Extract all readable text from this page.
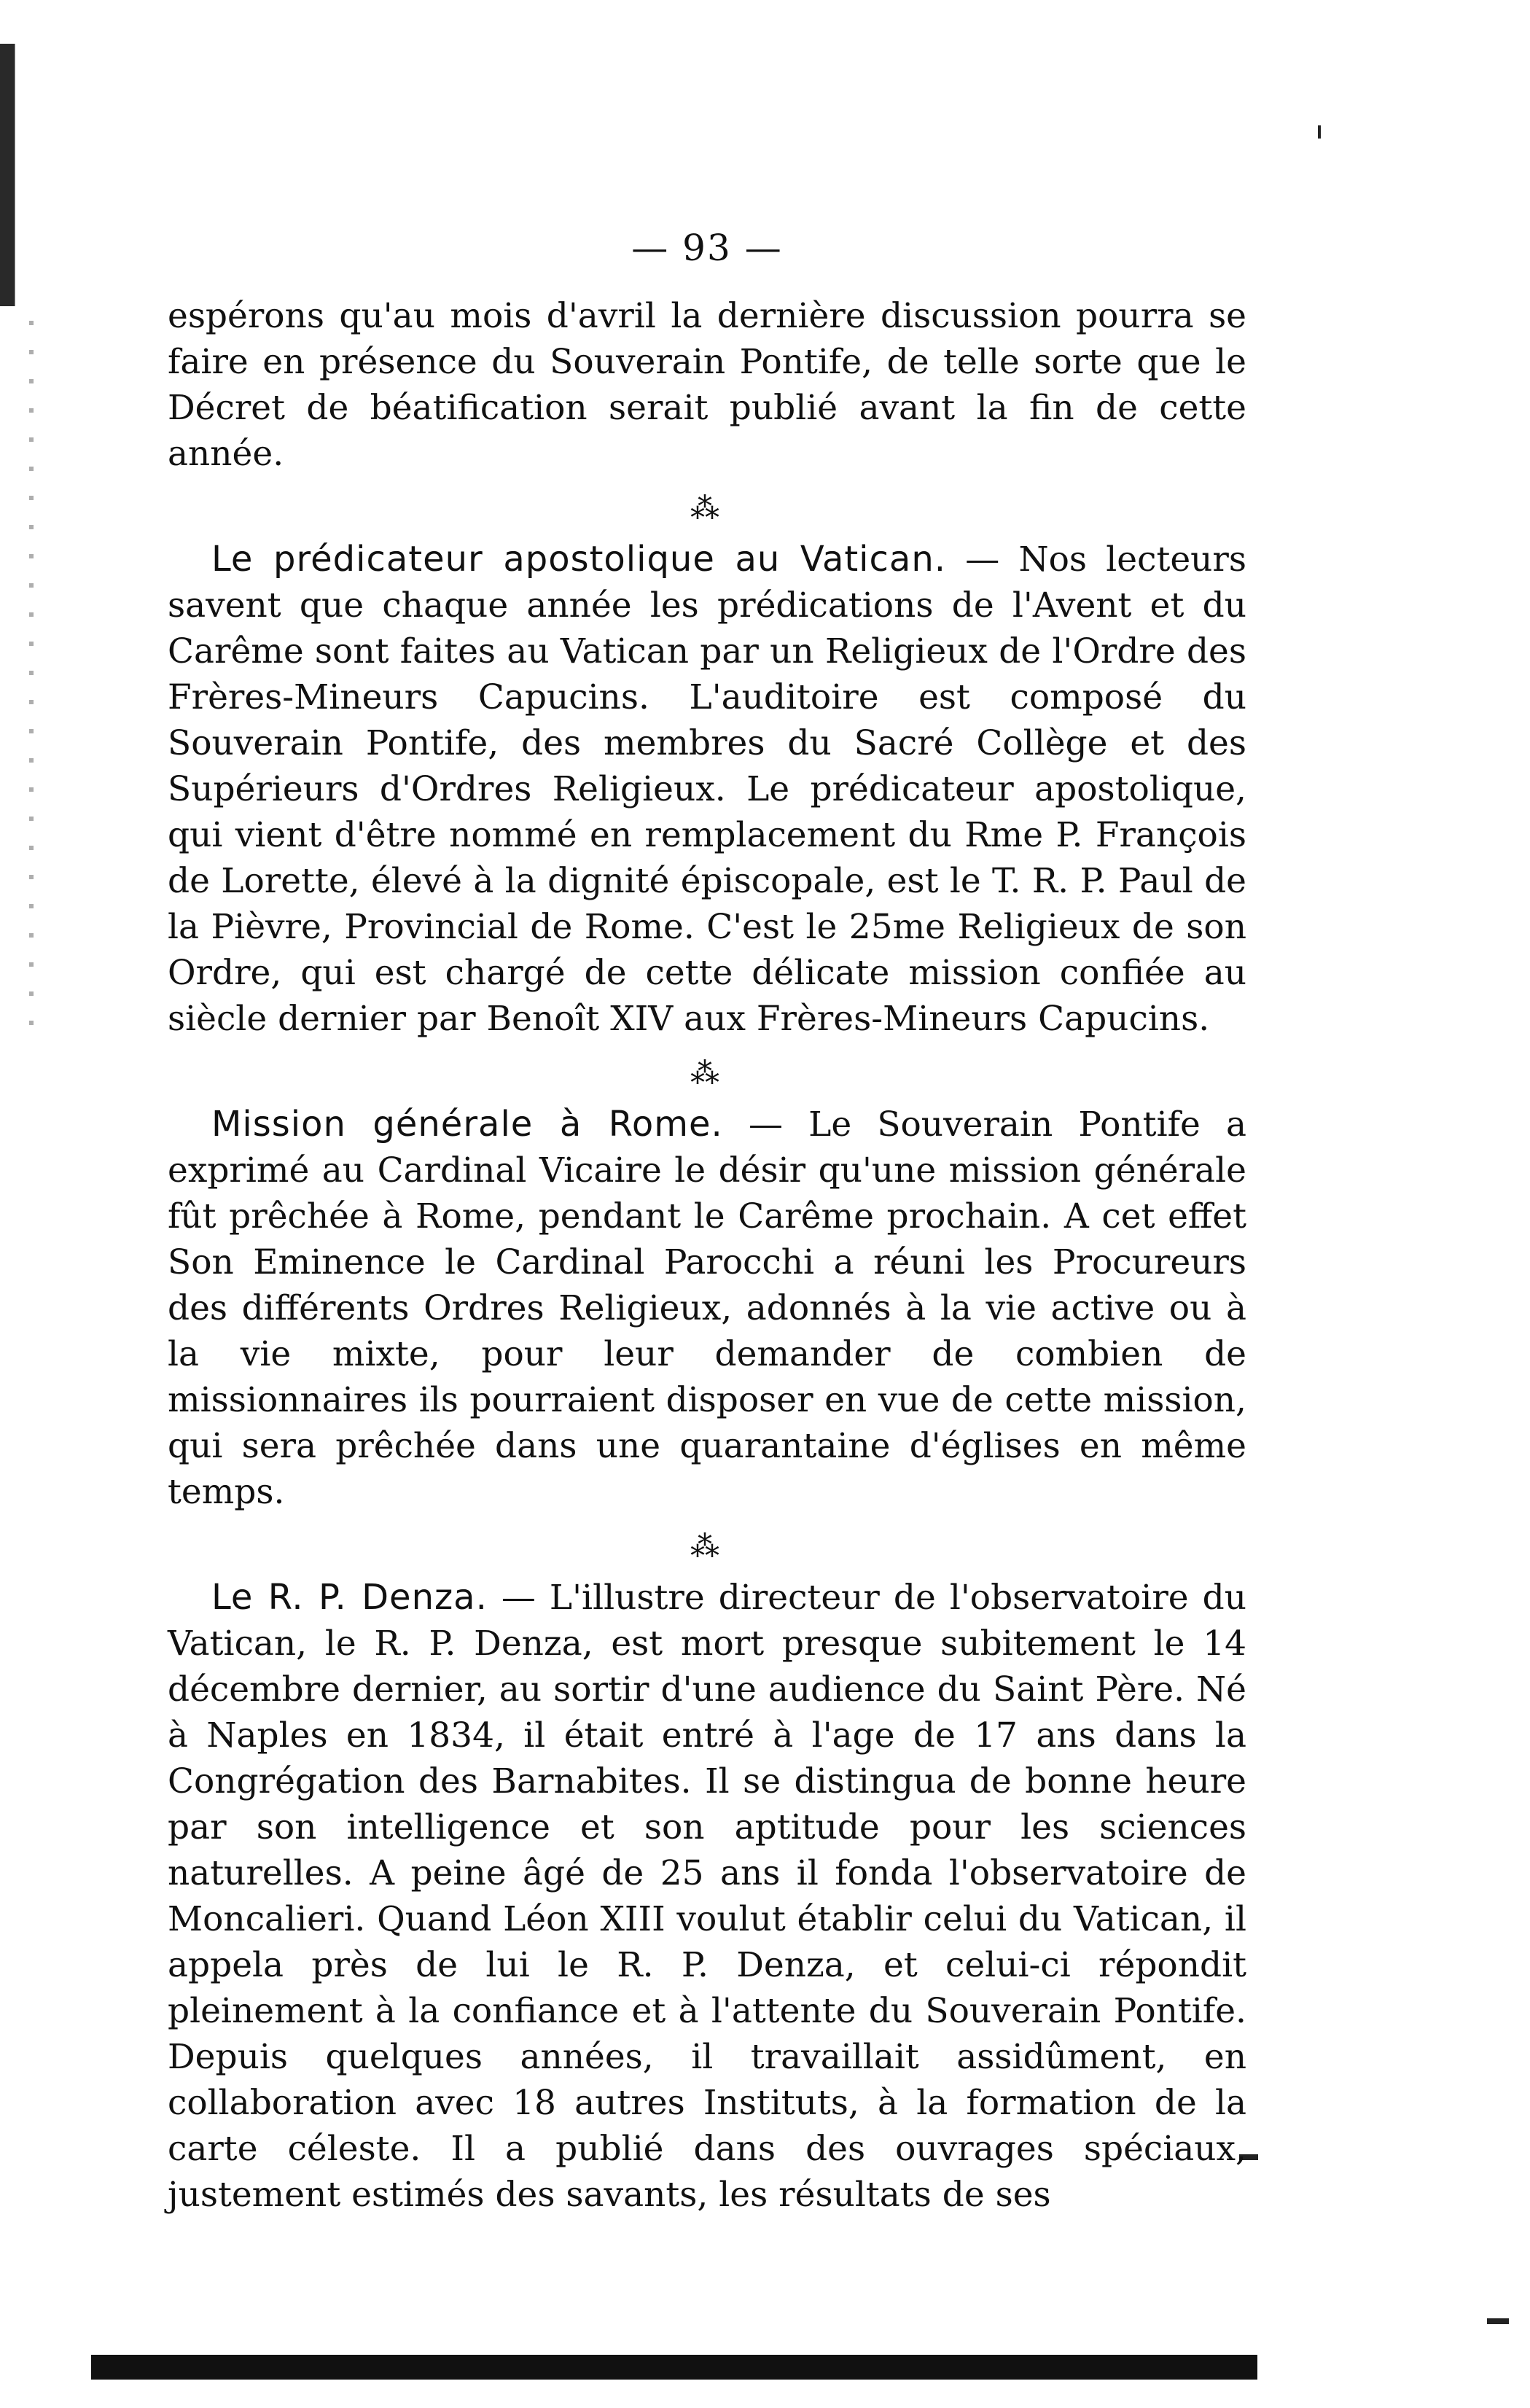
— 93 —

espérons qu'au mois d'avril la dernière discussion pourra se faire en présence du Souverain Pontife, de telle sorte que le Décret de béatification serait publié avant la fin de cette année.

⁂

Le prédicateur apostolique au Vatican. — Nos lecteurs savent que chaque année les prédications de l'Avent et du Carême sont faites au Vatican par un Religieux de l'Ordre des Frères-Mineurs Capucins. L'auditoire est composé du Souverain Pontife, des membres du Sacré Collège et des Supérieurs d'Ordres Religieux. Le prédicateur apostolique, qui vient d'être nommé en remplacement du Rme P. François de Lorette, élevé à la dignité épiscopale, est le T. R. P. Paul de la Pièvre, Provincial de Rome. C'est le 25me Religieux de son Ordre, qui est chargé de cette délicate mission confiée au siècle dernier par Benoît XIV aux Frères-Mineurs Capucins.

⁂

Mission générale à Rome. — Le Souverain Pontife a exprimé au Cardinal Vicaire le désir qu'une mission générale fût prêchée à Rome, pendant le Carême prochain. A cet effet Son Eminence le Cardinal Parocchi a réuni les Procureurs des différents Ordres Religieux, adonnés à la vie active ou à la vie mixte, pour leur demander de combien de missionnaires ils pourraient disposer en vue de cette mission, qui sera prêchée dans une quarantaine d'églises en même temps.

⁂

Le R. P. Denza. — L'illustre directeur de l'observatoire du Vatican, le R. P. Denza, est mort presque subitement le 14 décembre dernier, au sortir d'une audience du Saint Père. Né à Naples en 1834, il était entré à l'age de 17 ans dans la Congrégation des Barnabites. Il se distingua de bonne heure par son intelligence et son aptitude pour les sciences naturelles. A peine âgé de 25 ans il fonda l'observatoire de Moncalieri. Quand Léon XIII voulut établir celui du Vatican, il appela près de lui le R. P. Denza, et celui-ci répondit pleinement à la confiance et à l'attente du Souverain Pontife. Depuis quelques années, il travaillait assidûment, en collaboration avec 18 autres Instituts, à la formation de la carte céleste. Il a publié dans des ouvrages spéciaux, justement estimés des savants, les résultats de ses
